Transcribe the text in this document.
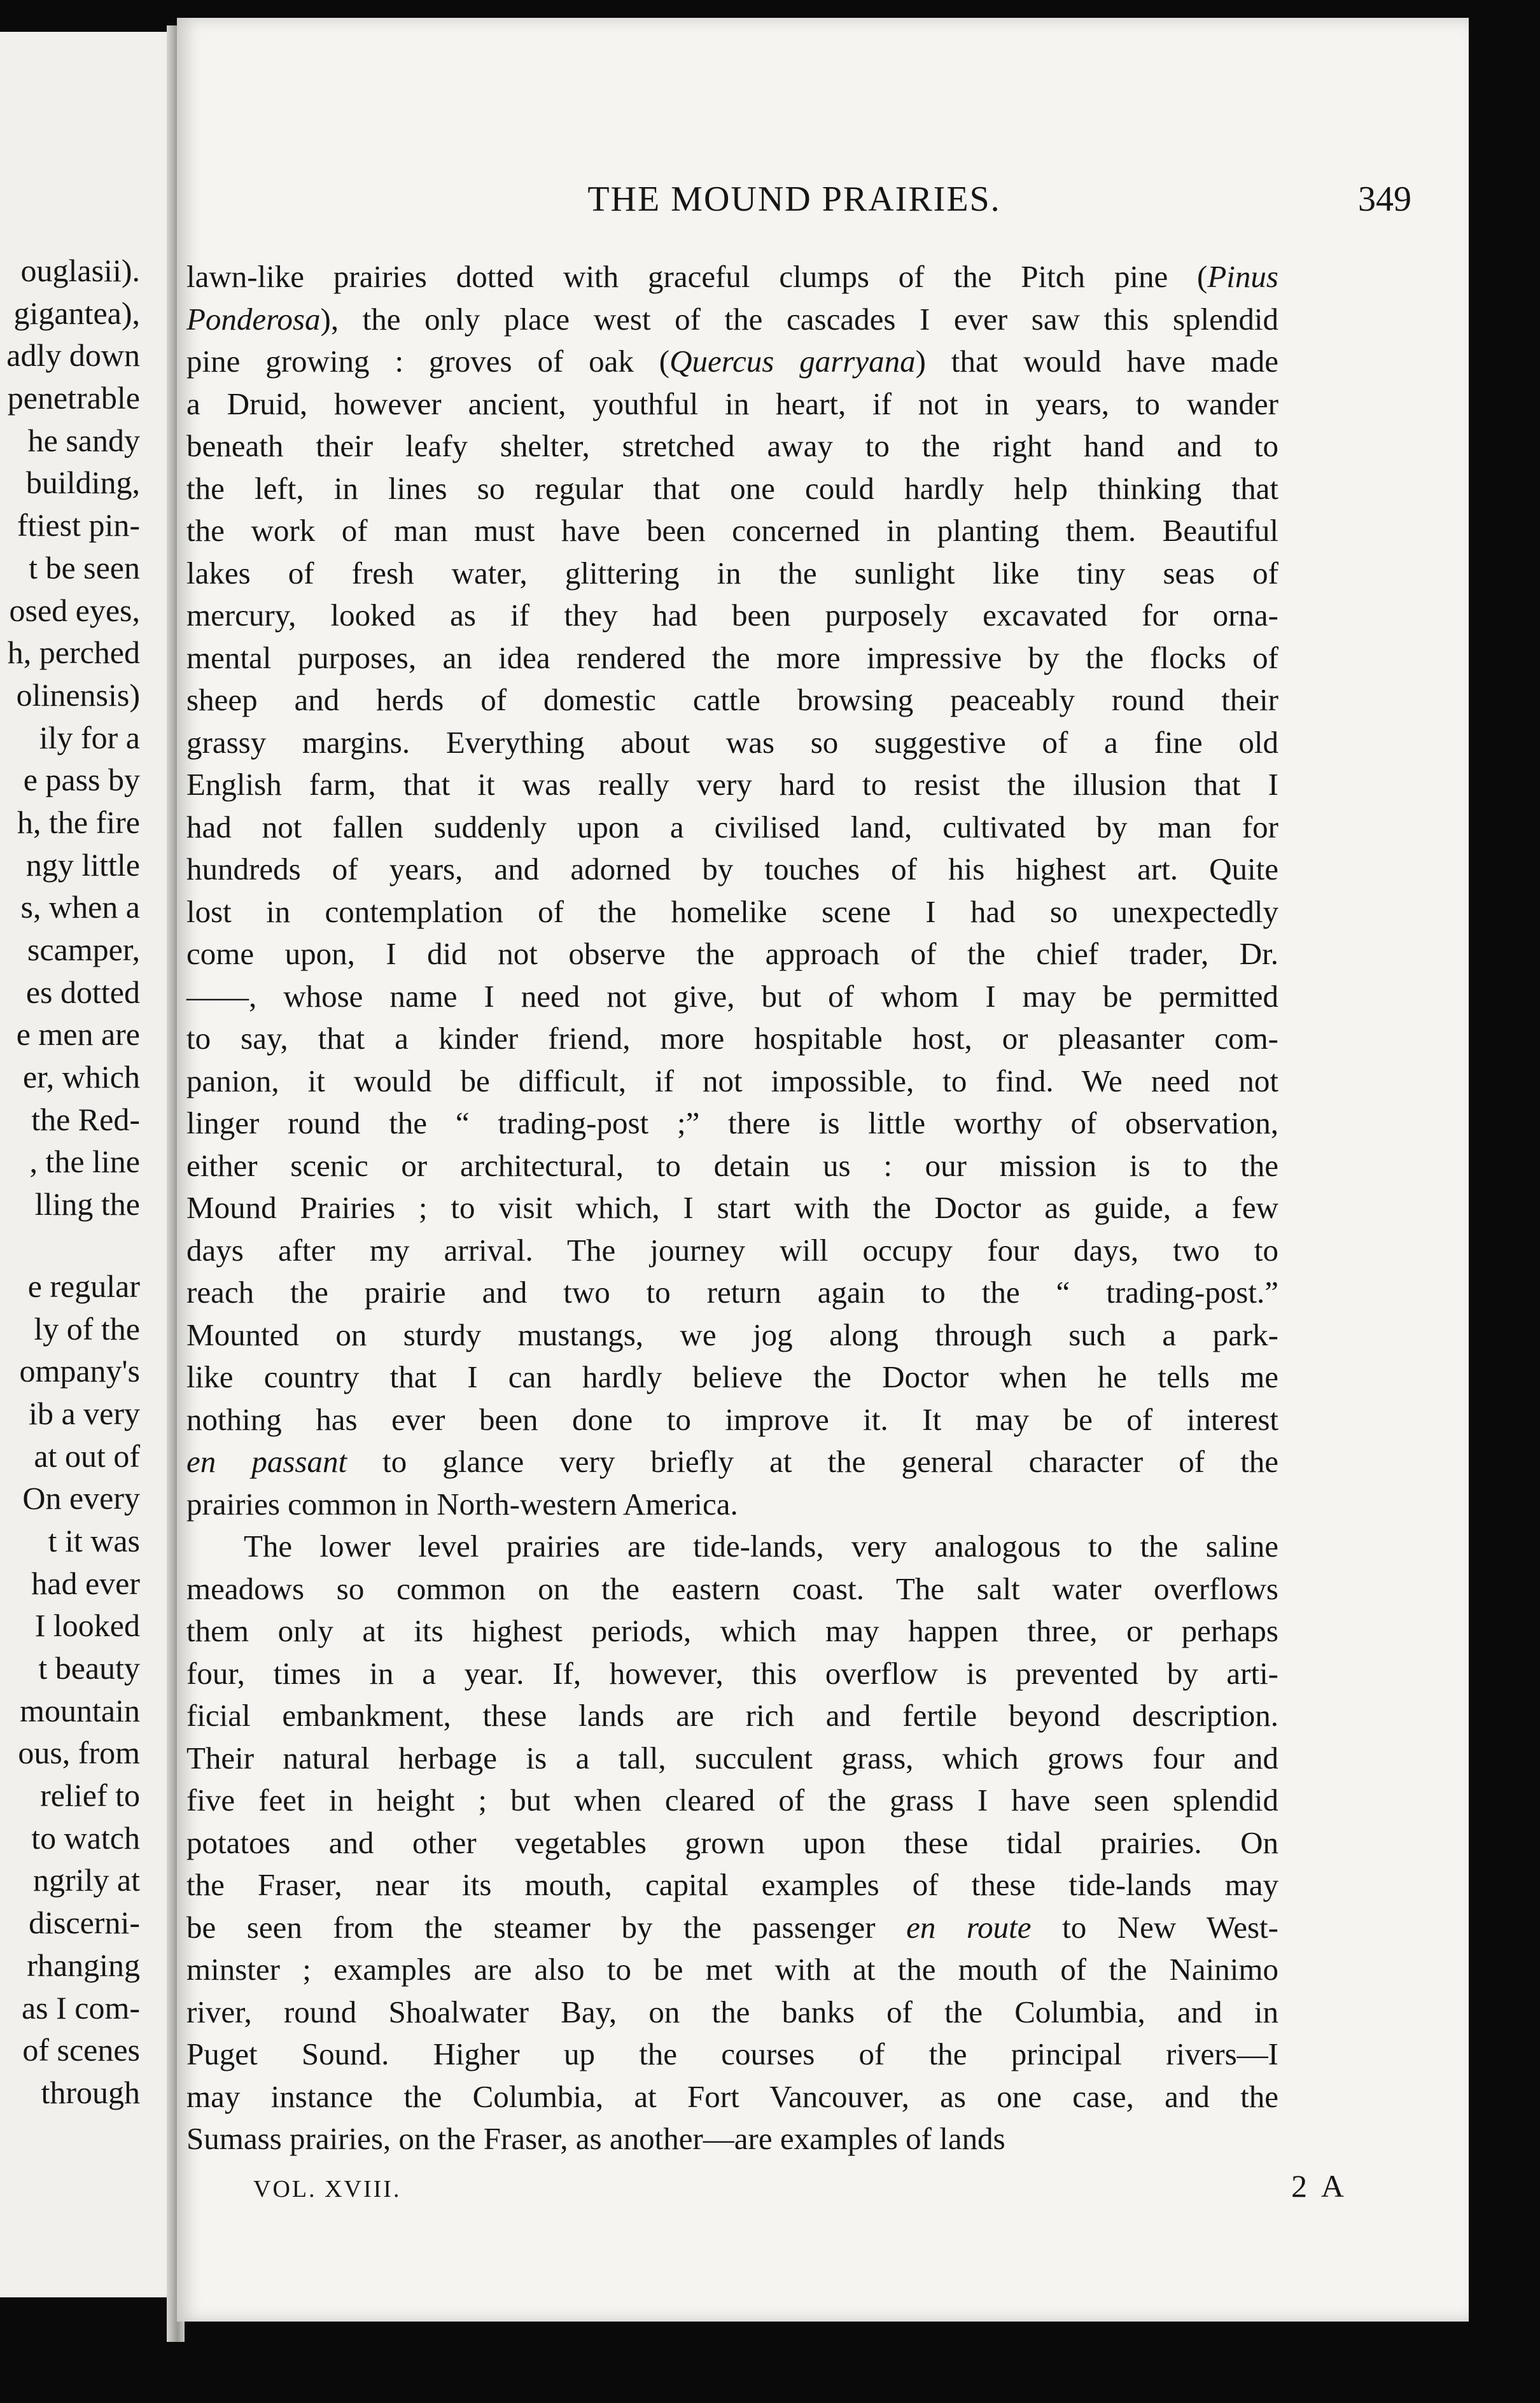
ouglasii).
gigantea),
adly down
penetrable
he sandy
building,
ftiest pin-
t be seen
osed eyes,
h, perched
olinensis)
ily for a
e pass by
h, the fire
ngy little
s, when a
scamper,
es dotted
e men are
er, which
the Red-
, the line
lling the
e regular
ly of the
ompany's
ib a very
at out of
On every
t it was
had ever
I looked
t beauty
mountain
ous, from
relief to
to watch
ngrily at
discerni-
rhanging
as I com-
of scenes
through
THE MOUND PRAIRIES.	349
lawn-like prairies dotted with graceful clumps of the Pitch pine (Pinus
Ponderosa), the only place west of the cascades I ever saw this splendid
pine growing : groves of oak (Quercus garryana) that would have made
a Druid, however ancient, youthful in heart, if not in years, to wander
beneath their leafy shelter, stretched away to the right hand and to
the left, in lines so regular that one could hardly help thinking that
the work of man must have been concerned in planting them. Beautiful
lakes of fresh water, glittering in the sunlight like tiny seas of
mercury, looked as if they had been purposely excavated for orna-
mental purposes, an idea rendered the more impressive by the flocks of
sheep and herds of domestic cattle browsing peaceably round their
grassy margins. Everything about was so suggestive of a fine old
English farm, that it was really very hard to resist the illusion that I
had not fallen suddenly upon a civilised land, cultivated by man for
hundreds of years, and adorned by touches of his highest art. Quite
lost in contemplation of the homelike scene I had so unexpectedly
come upon, I did not observe the approach of the chief trader, Dr.
——, whose name I need not give, but of whom I may be permitted
to say, that a kinder friend, more hospitable host, or pleasanter com-
panion, it would be difficult, if not impossible, to find. We need not
linger round the “ trading-post ;” there is little worthy of observation,
either scenic or architectural, to detain us : our mission is to the
Mound Prairies ; to visit which, I start with the Doctor as guide, a few
days after my arrival. The journey will occupy four days, two to
reach the prairie and two to return again to the “ trading-post.”
Mounted on sturdy mustangs, we jog along through such a park-
like country that I can hardly believe the Doctor when he tells me
nothing has ever been done to improve it. It may be of interest
en passant to glance very briefly at the general character of the
prairies common in North-western America.
The lower level prairies are tide-lands, very analogous to the saline
meadows so common on the eastern coast. The salt water overflows
them only at its highest periods, which may happen three, or perhaps
four, times in a year. If, however, this overflow is prevented by arti-
ficial embankment, these lands are rich and fertile beyond description.
Their natural herbage is a tall, succulent grass, which grows four and
five feet in height ; but when cleared of the grass I have seen splendid
potatoes and other vegetables grown upon these tidal prairies. On
the Fraser, near its mouth, capital examples of these tide-lands may
be seen from the steamer by the passenger en route to New West-
minster ; examples are also to be met with at the mouth of the Nainimo
river, round Shoalwater Bay, on the banks of the Columbia, and in
Puget Sound. Higher up the courses of the principal rivers—I
may instance the Columbia, at Fort Vancouver, as one case, and the
Sumass prairies, on the Fraser, as another—are examples of lands
VOL. XVIII.	2 A
